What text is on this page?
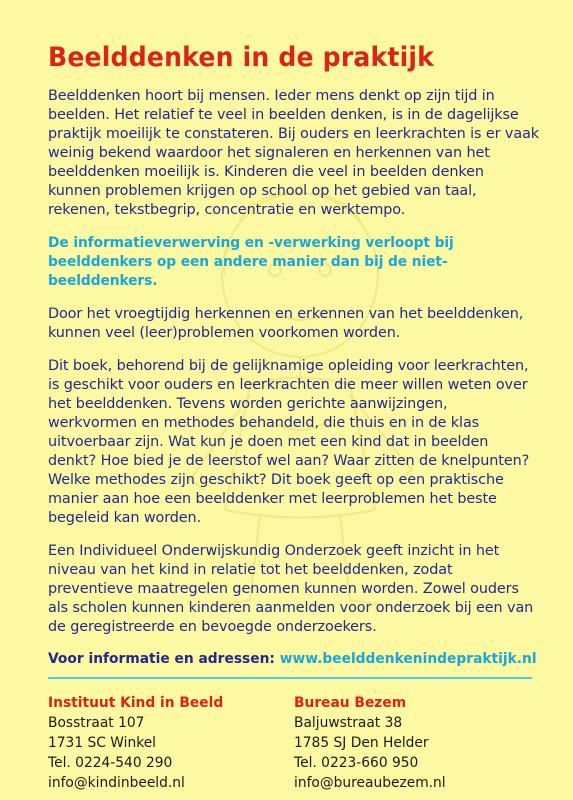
Beelddenken in de praktijk

Beelddenken hoort bij mensen. Ieder mens denkt op zijn tijd in beelden. Het relatief te veel in beelden denken, is in de dagelijkse praktijk moeilijk te constateren. Bij ouders en leerkrachten is er vaak weinig bekend waardoor het signaleren en herkennen van het beelddenken moeilijk is. Kinderen die veel in beelden denken kunnen problemen krijgen op school op het gebied van taal, rekenen, tekstbegrip, concentratie en werktempo.

De informatieverwerving en -verwerking verloopt bij beelddenkers op een andere manier dan bij de niet-beelddenkers.

Door het vroegtijdig herkennen en erkennen van het beelddenken, kunnen veel (leer)problemen voorkomen worden.

Dit boek, behorend bij de gelijknamige opleiding voor leerkrachten, is geschikt voor ouders en leerkrachten die meer willen weten over het beelddenken. Tevens worden gerichte aanwijzingen, werkvormen en methodes behandeld, die thuis en in de klas uitvoerbaar zijn. Wat kun je doen met een kind dat in beelden denkt? Hoe bied je de leerstof wel aan? Waar zitten de knelpunten? Welke methodes zijn geschikt? Dit boek geeft op een praktische manier aan hoe een beelddenker met leerproblemen het beste begeleid kan worden.

Een Individueel Onderwijskundig Onderzoek geeft inzicht in het niveau van het kind in relatie tot het beelddenken, zodat preventieve maatregelen genomen kunnen worden. Zowel ouders als scholen kunnen kinderen aanmelden voor onderzoek bij een van de geregistreerde en bevoegde onderzoekers.

Voor informatie en adressen: www.beelddenkenindepraktijk.nl
Instituut Kind in Beeld
Bosstraat 107
1731 SC Winkel
Tel. 0224-540 290
info@kindinbeeld.nl
Bureau Bezem
Baljuwstraat 38
1785 SJ Den Helder
Tel. 0223-660 950
info@bureaubezem.nl
